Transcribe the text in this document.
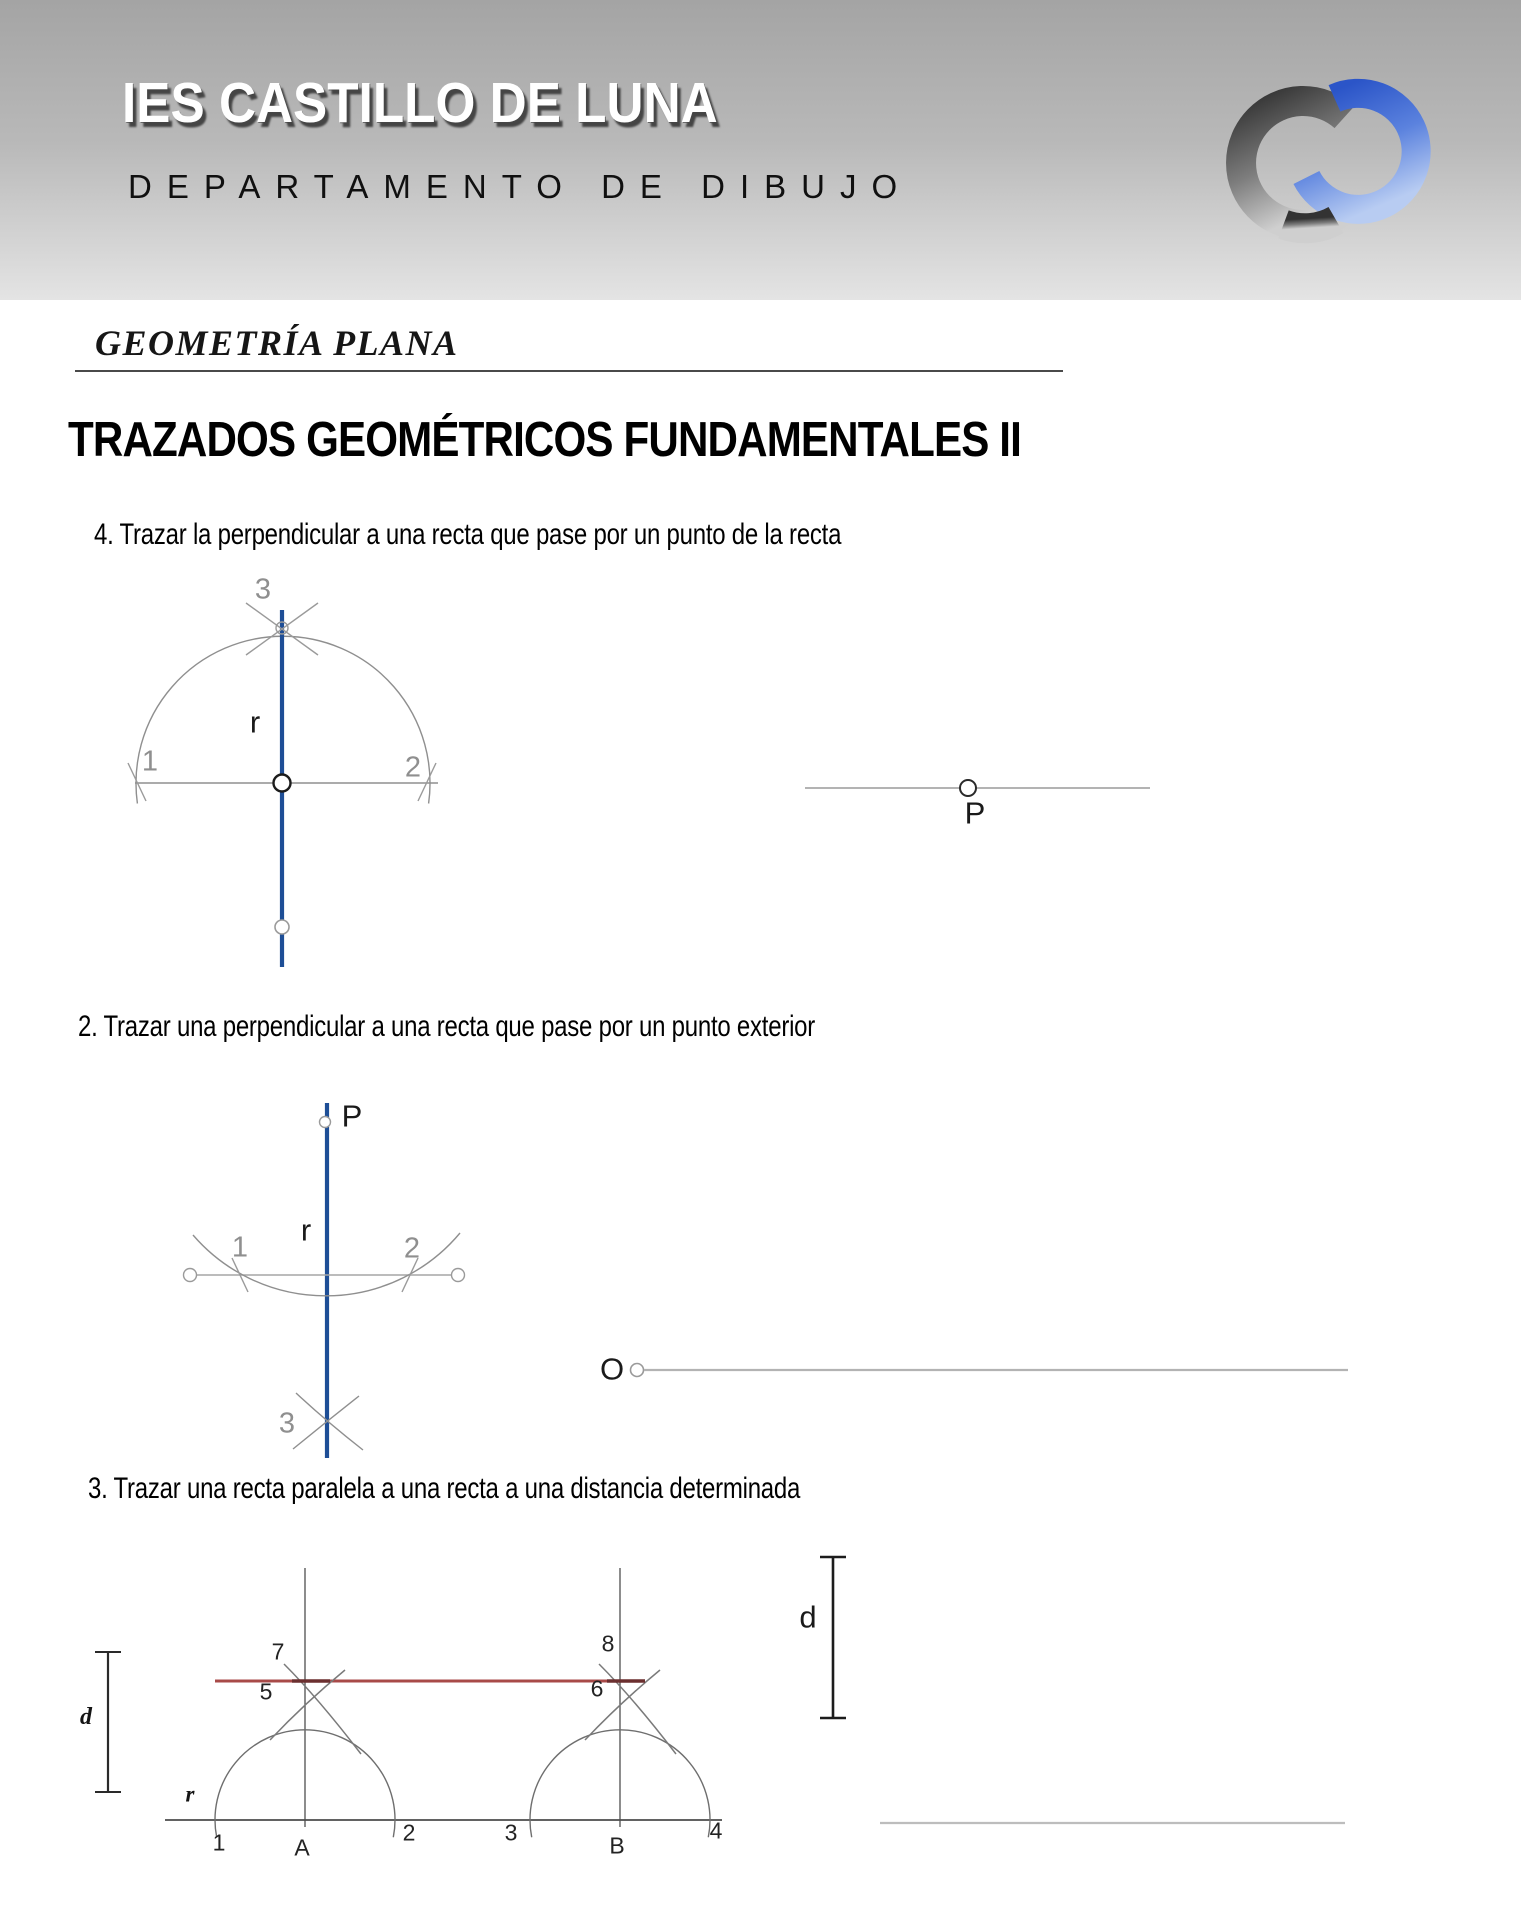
IES CASTILLO DE LUNA
DEPARTAMENTO DE DIBUJO
GEOMETRÍA PLANA
TRAZADOS GEOMÉTRICOS FUNDAMENTALES II
4. Trazar la perpendicular a una recta que pase por un punto de la recta
2. Trazar una perpendicular a una recta que pase por un punto exterior
3. Trazar una recta paralela a una recta a una distancia determinada
3
r
1	2
P
P
r
1	2
3
O
7	8
5	6
1	A
2	3	B
4
r
d
d
